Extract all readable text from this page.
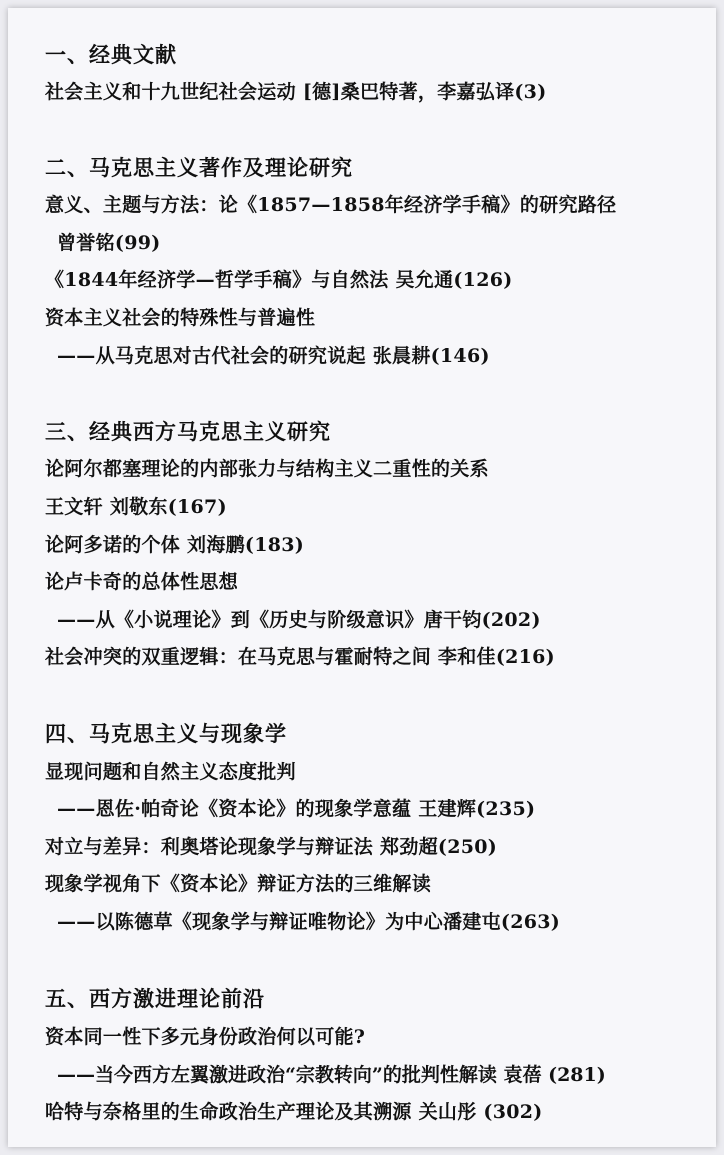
一、经典文献
社会主义和十九世纪社会运动 [德]桑巴特著，李嘉弘译(3)
二、马克思主义著作及理论研究
意义、主题与方法：论《1857—1858年经济学手稿》的研究路径
曾誉铭(99)
《1844年经济学—哲学手稿》与自然法 吴允通(126)
资本主义社会的特殊性与普遍性
——从马克思对古代社会的研究说起 张晨耕(146)
三、经典西方马克思主义研究
论阿尔都塞理论的内部张力与结构主义二重性的关系
王文轩 刘敬东(167)
论阿多诺的个体 刘海鹏(183)
论卢卡奇的总体性思想
——从《小说理论》到《历史与阶级意识》唐干钧(202)
社会冲突的双重逻辑：在马克思与霍耐特之间 李和佳(216)
四、马克思主义与现象学
显现问题和自然主义态度批判
——恩佐·帕奇论《资本论》的现象学意蕴 王建辉(235)
对立与差异：利奥塔论现象学与辩证法 郑劲超(250)
现象学视角下《资本论》辩证方法的三维解读
——以陈德草《现象学与辩证唯物论》为中心潘建屯(263)
五、西方激进理论前沿
资本同一性下多元身份政治何以可能?
——当今西方左翼激进政治“宗教转向”的批判性解读 袁蓓 (281)
哈特与奈格里的生命政治生产理论及其溯源 关山彤 (302)
